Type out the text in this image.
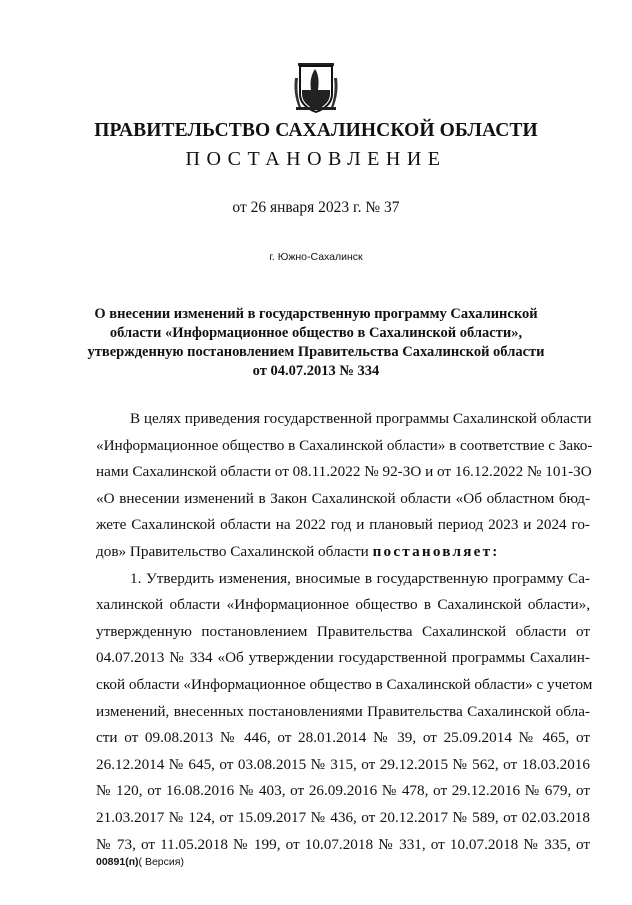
ПРАВИТЕЛЬСТВО САХАЛИНСКОЙ ОБЛАСТИ
ПОСТАНОВЛЕНИЕ
от 26 января 2023 г. № 37
г. Южно-Сахалинск
О внесении изменений в государственную программу Сахалинской
области «Информационное общество в Сахалинской области»,
утвержденную постановлением Правительства Сахалинской области
от 04.07.2013 № 334
В целях приведения государственной программы Сахалинской области
«Информационное общество в Сахалинской области» в соответствие с Зако-
нами Сахалинской области от 08.11.2022 № 92-ЗО и от 16.12.2022 № 101-ЗО
«О внесении изменений в Закон Сахалинской области «Об областном бюд-
жете Сахалинской области на 2022 год и плановый период 2023 и 2024 го-
дов» Правительство Сахалинской области постановляет:
1. Утвердить изменения, вносимые в государственную программу Са-
халинской области «Информационное общество в Сахалинской области»,
утвержденную постановлением Правительства Сахалинской области от
04.07.2013 № 334 «Об утверждении государственной программы Сахалин-
ской области «Информационное общество в Сахалинской области» с учетом
изменений, внесенных постановлениями Правительства Сахалинской обла-
сти от 09.08.2013 № 446, от 28.01.2014 № 39, от 25.09.2014 № 465, от
26.12.2014 № 645, от 03.08.2015 № 315, от 29.12.2015 № 562, от 18.03.2016
№ 120, от 16.08.2016 № 403, от 26.09.2016 № 478, от 29.12.2016 № 679, от
21.03.2017 № 124, от 15.09.2017 № 436, от 20.12.2017 № 589, от 02.03.2018
№ 73, от 11.05.2018 № 199, от 10.07.2018 № 331, от 10.07.2018 № 335, от
00891(п)( Версия)
